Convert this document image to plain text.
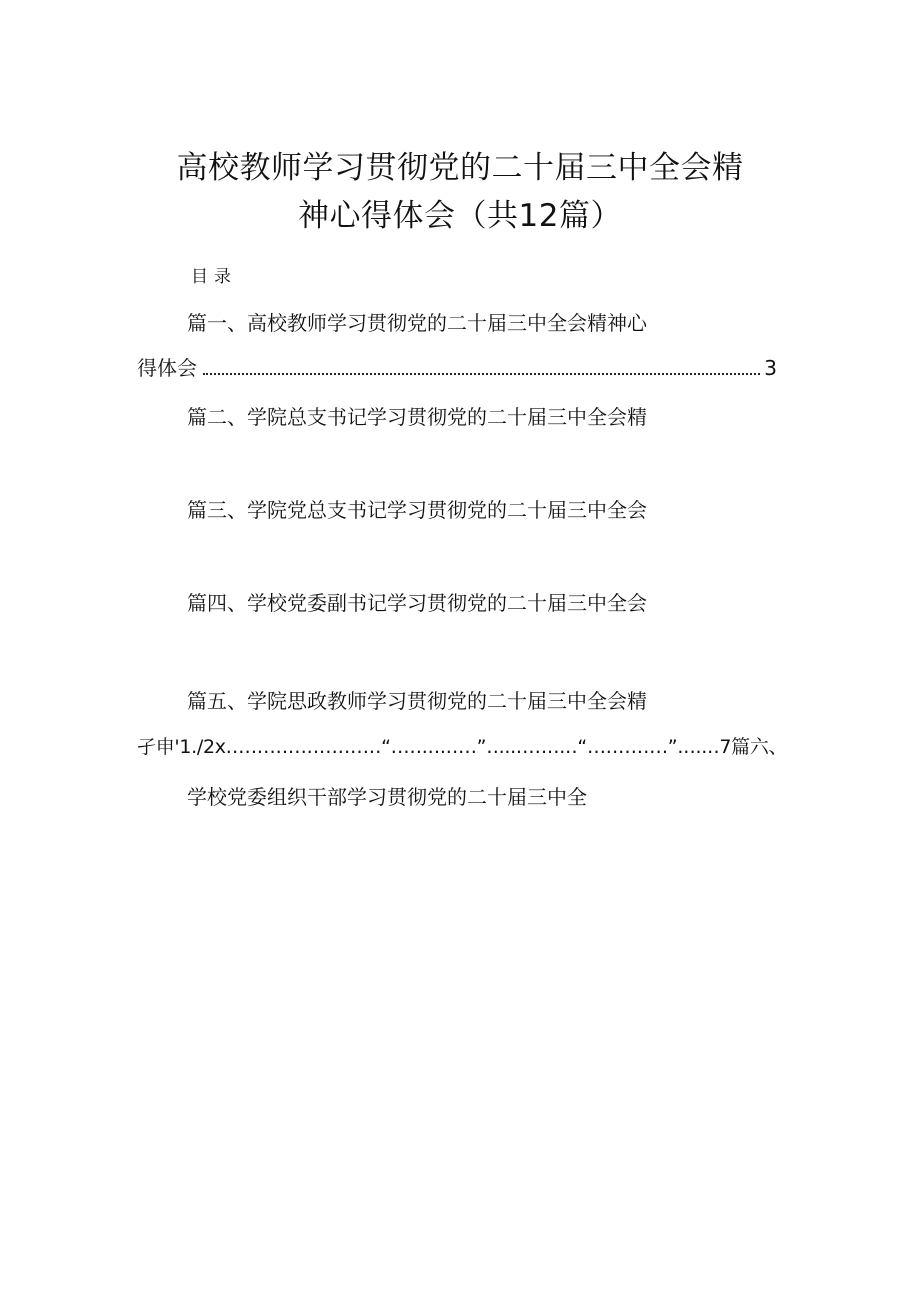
高校教师学习贯彻党的二十届三中全会精
神心得体会（共12篇）
目录
篇一、高校教师学习贯彻党的二十届三中全会精神心
得体会	3
篇二、学院总支书记学习贯彻党的二十届三中全会精
篇三、学院党总支书记学习贯彻党的二十届三中全会
篇四、学校党委副书记学习贯彻党的二十届三中全会
篇五、学院思政教师学习贯彻党的二十届三中全会精
孑申'1./2x‥……‥…‥…‥…‥“…‥.‥.‥…”‥...‥…‥.‥“…‥…‥…”.‥..‥7篇六、
学校党委组织干部学习贯彻党的二十届三中全
